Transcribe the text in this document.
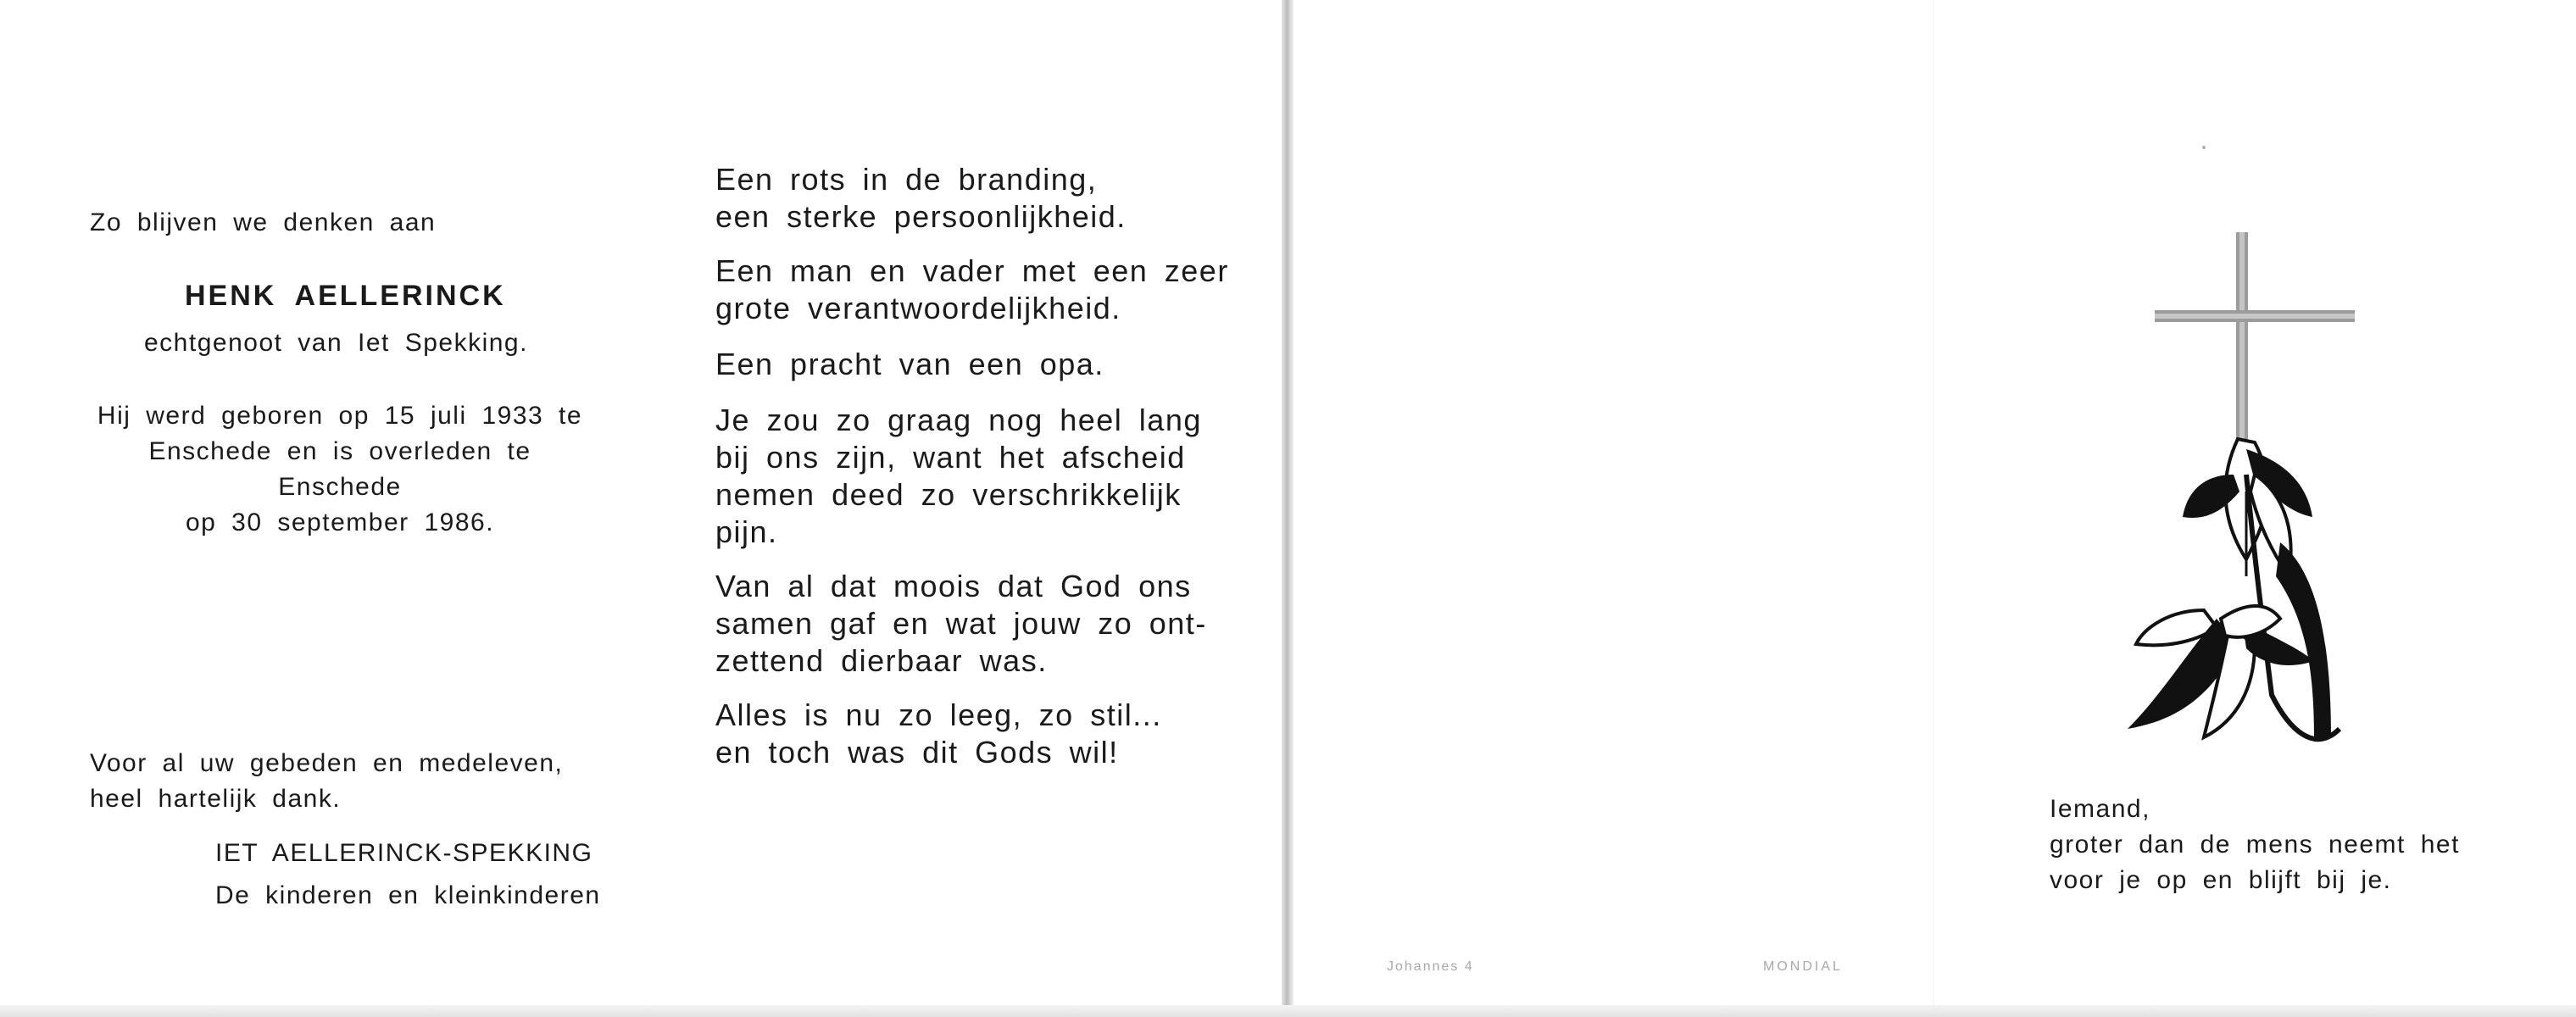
Zo blijven we denken aan
HENK AELLERINCK
echtgenoot van Iet Spekking.
Hij werd geboren op 15 juli 1933 te
Enschede en is overleden te Enschede
op 30 september 1986.
Voor al uw gebeden en medeleven,
heel hartelijk dank.
IET AELLERINCK-SPEKKING
De kinderen en kleinkinderen

Een rots in de branding,

een sterke persoonlijkheid.

Een man en vader met een zeer

grote verantwoordelijkheid.

Een pracht van een opa.

Je zou zo graag nog heel lang

bij ons zijn, want het afscheid

nemen deed zo verschrikkelijk

pijn.

Van al dat moois dat God ons

samen gaf en wat jouw zo ont-

zettend dierbaar was.

Alles is nu zo leeg, zo stil...

en toch was dit Gods wil!

Iemand,
groter dan de mens neemt het
voor je op en blijft bij je.
Johannes 4	MONDIAL
